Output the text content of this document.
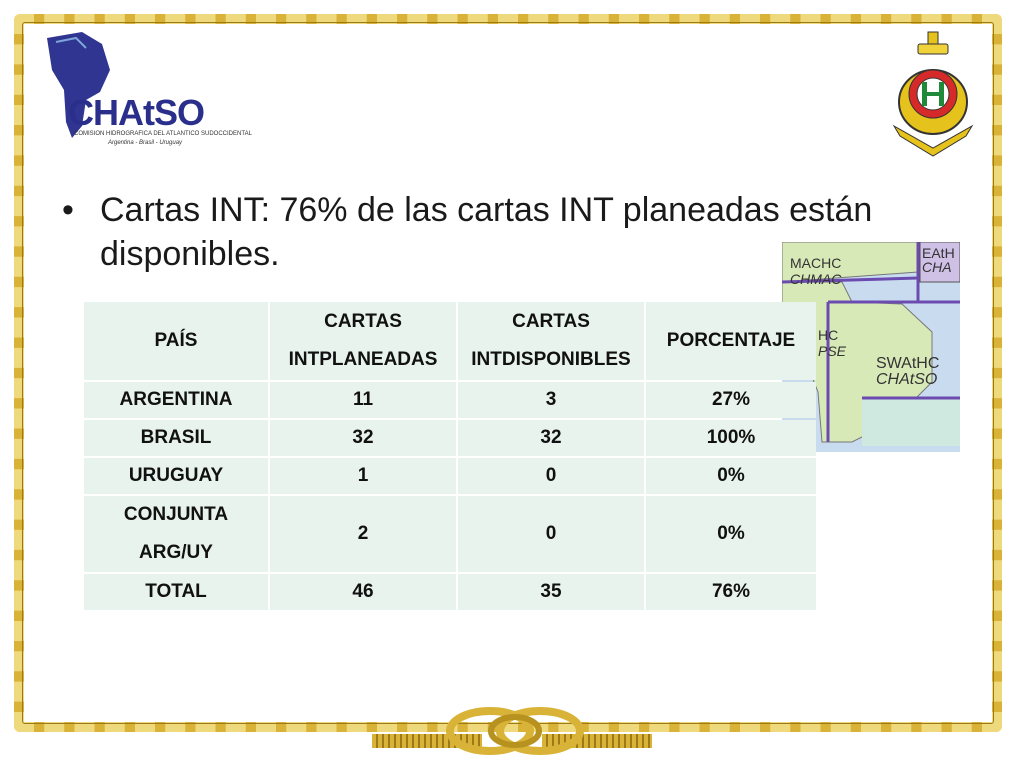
CHAtSO
COMISION HIDROGRAFICA DEL ATLANTICO SUDOCCIDENTAL
Argentina - Brasil - Uruguay
• Cartas INT: 76% de las cartas INT planeadas están disponibles.	MACHC
CHMAC
EAtH
CHA
SWAtHC
CHAtSO
HC
PSE
PAÍS	CARTAS INTPLANEADAS	CARTAS INTDISPONIBLES	PORCENTAJE
ARGENTINA	11	3	27%
BRASIL	32	32	100%
URUGUAY	1	0	0%

CONJUNTA
ARG/UY	2	0	0%
TOTAL	46	35	76%
